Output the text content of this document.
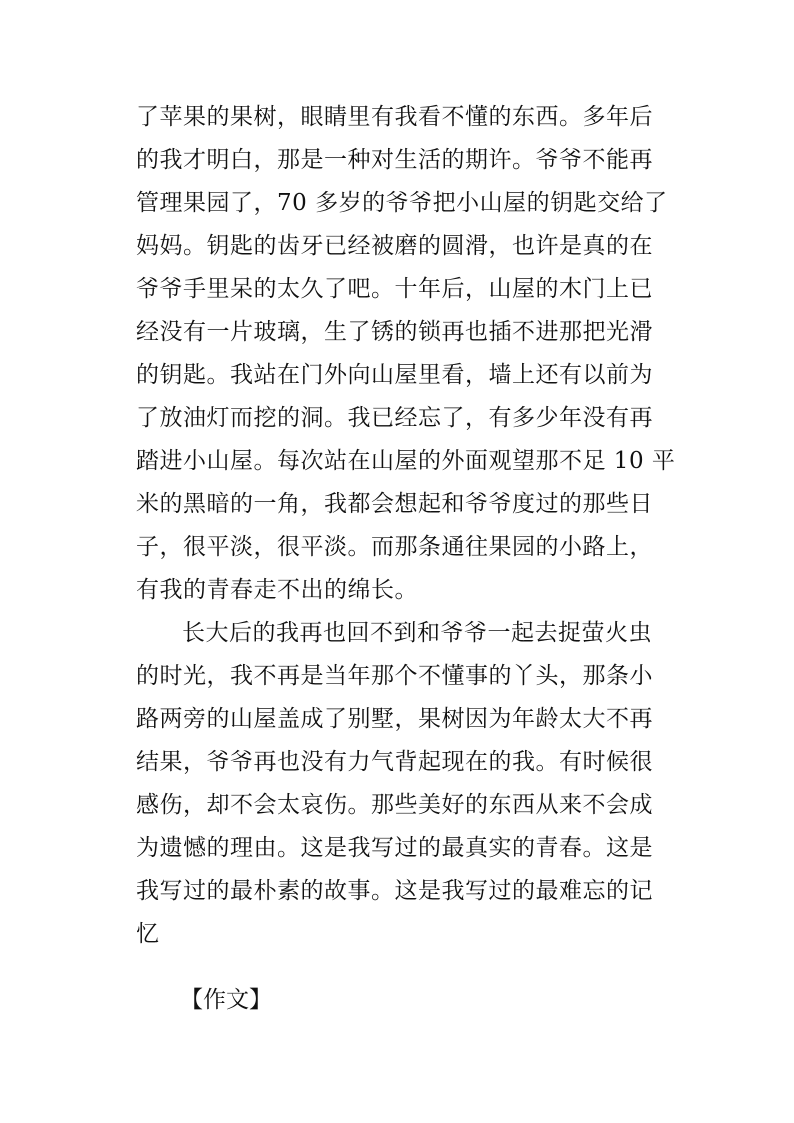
了苹果的果树，眼睛里有我看不懂的东西。多年后
的我才明白，那是一种对生活的期许。爷爷不能再
管理果园了，70 多岁的爷爷把小山屋的钥匙交给了
妈妈。钥匙的齿牙已经被磨的圆滑，也许是真的在
爷爷手里呆的太久了吧。十年后，山屋的木门上已
经没有一片玻璃，生了锈的锁再也插不进那把光滑
的钥匙。我站在门外向山屋里看，墙上还有以前为
了放油灯而挖的洞。我已经忘了，有多少年没有再
踏进小山屋。每次站在山屋的外面观望那不足 10 平
米的黑暗的一角，我都会想起和爷爷度过的那些日
子，很平淡，很平淡。而那条通往果园的小路上，
有我的青春走不出的绵长。
长大后的我再也回不到和爷爷一起去捉萤火虫
的时光，我不再是当年那个不懂事的丫头，那条小
路两旁的山屋盖成了别墅，果树因为年龄太大不再
结果，爷爷再也没有力气背起现在的我。有时候很
感伤，却不会太哀伤。那些美好的东西从来不会成
为遗憾的理由。这是我写过的最真实的青春。这是
我写过的最朴素的故事。这是我写过的最难忘的记
忆
【作文】
